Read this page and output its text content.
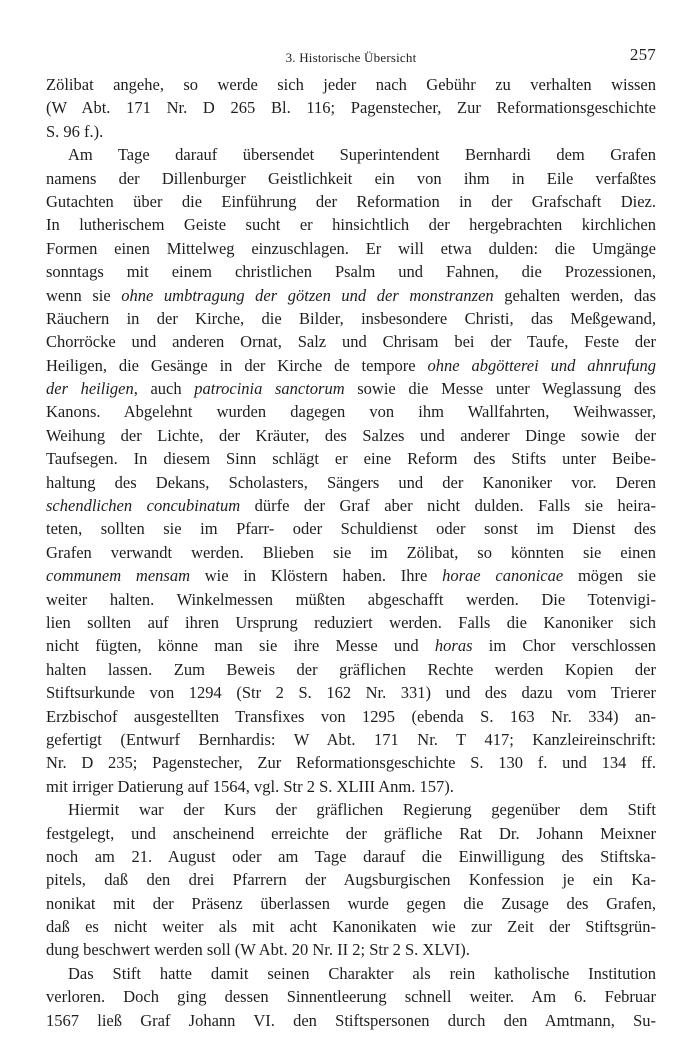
3. Historische Übersicht	257
Zölibat angehe, so werde sich jeder nach Gebühr zu verhalten wissen
(W Abt. 171 Nr. D 265 Bl. 116; Pagenstecher, Zur Reformationsgeschichte
S. 96 f.).
Am Tage darauf übersendet Superintendent Bernhardi dem Grafen
namens der Dillenburger Geistlichkeit ein von ihm in Eile verfaßtes
Gutachten über die Einführung der Reformation in der Grafschaft Diez.
In lutherischem Geiste sucht er hinsichtlich der hergebrachten kirchlichen
Formen einen Mittelweg einzuschlagen. Er will etwa dulden: die Umgänge
sonntags mit einem christlichen Psalm und Fahnen, die Prozessionen,
wenn sie ohne umbtragung der götzen und der monstranzen gehalten werden, das
Räuchern in der Kirche, die Bilder, insbesondere Christi, das Meßgewand,
Chorröcke und anderen Ornat, Salz und Chrisam bei der Taufe, Feste der
Heiligen, die Gesänge in der Kirche de tempore ohne abgötterei und ahnrufung
der heiligen, auch patrocinia sanctorum sowie die Messe unter Weglassung des
Kanons. Abgelehnt wurden dagegen von ihm Wallfahrten, Weihwasser,
Weihung der Lichte, der Kräuter, des Salzes und anderer Dinge sowie der
Taufsegen. In diesem Sinn schlägt er eine Reform des Stifts unter Beibe-
haltung des Dekans, Scholasters, Sängers und der Kanoniker vor. Deren
schendlichen concubinatum dürfe der Graf aber nicht dulden. Falls sie heira-
teten, sollten sie im Pfarr- oder Schuldienst oder sonst im Dienst des
Grafen verwandt werden. Blieben sie im Zölibat, so könnten sie einen
communem mensam wie in Klöstern haben. Ihre horae canonicae mögen sie
weiter halten. Winkelmessen müßten abgeschafft werden. Die Totenvigi-
lien sollten auf ihren Ursprung reduziert werden. Falls die Kanoniker sich
nicht fügten, könne man sie ihre Messe und horas im Chor verschlossen
halten lassen. Zum Beweis der gräflichen Rechte werden Kopien der
Stiftsurkunde von 1294 (Str 2 S. 162 Nr. 331) und des dazu vom Trierer
Erzbischof ausgestellten Transfixes von 1295 (ebenda S. 163 Nr. 334) an-
gefertigt (Entwurf Bernhardis: W Abt. 171 Nr. T 417; Kanzleireinschrift:
Nr. D 235; Pagenstecher, Zur Reformationsgeschichte S. 130 f. und 134 ff.
mit irriger Datierung auf 1564, vgl. Str 2 S. XLIII Anm. 157).
Hiermit war der Kurs der gräflichen Regierung gegenüber dem Stift
festgelegt, und anscheinend erreichte der gräfliche Rat Dr. Johann Meixner
noch am 21. August oder am Tage darauf die Einwilligung des Stiftska-
pitels, daß den drei Pfarrern der Augsburgischen Konfession je ein Ka-
nonikat mit der Präsenz überlassen wurde gegen die Zusage des Grafen,
daß es nicht weiter als mit acht Kanonikaten wie zur Zeit der Stiftsgrün-
dung beschwert werden soll (W Abt. 20 Nr. II 2; Str 2 S. XLVI).
Das Stift hatte damit seinen Charakter als rein katholische Institution
verloren. Doch ging dessen Sinnentleerung schnell weiter. Am 6. Februar
1567 ließ Graf Johann VI. den Stiftspersonen durch den Amtmann, Su-
